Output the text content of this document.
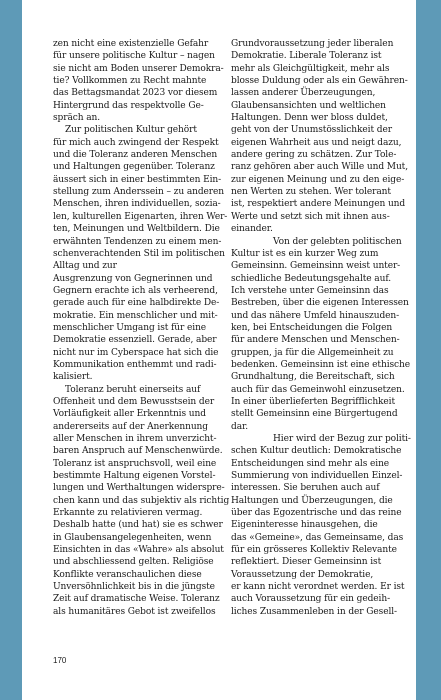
zen nicht eine existenzielle Gefahr
für unsere politische Kultur – nagen
sie nicht am Boden unserer Demokra-
tie? Vollkommen zu Recht mahnte
das Bettagsmandat 2023 vor diesem
Hintergrund das respektvolle Ge-
spräch an.
Zur politischen Kultur gehört
für mich auch zwingend der Respekt
und die Toleranz anderen Menschen
und Haltungen gegenüber. Toleranz
äussert sich in einer bestimmten Ein-
stellung zum Anderssein – zu anderen
Menschen, ihren individuellen, sozia-
len, kulturellen Eigenarten, ihren Wer-
ten, Meinungen und Weltbildern. Die
erwähnten Tendenzen zu einem men-
schenverachtenden Stil im politischen
Alltag und zur
Ausgrenzung von Gegnerinnen und
Gegnern erachte ich als verheerend,
gerade auch für eine halbdirekte De-
mokratie. Ein menschlicher und mit-
menschlicher Umgang ist für eine
Demokratie essenziell. Gerade, aber
nicht nur im Cyberspace hat sich die
Kommunikation enthemmt und radi-
kalisiert.
Toleranz beruht einerseits auf
Offenheit und dem Bewusstsein der
Vorläufigkeit aller Erkenntnis und
andererseits auf der Anerkennung
aller Menschen in ihrem unverzicht-
baren Anspruch auf Menschenwürde.
Toleranz ist anspruchsvoll, weil eine
bestimmte Haltung eigenen Vorstel-
lungen und Werthaltungen widerspre-
chen kann und das subjektiv als richtig
Erkannte zu relativieren vermag.
Deshalb hatte (und hat) sie es schwer
in Glaubensangelegenheiten, wenn
Einsichten in das «Wahre» als absolut
und abschliessend gelten. Religiöse
Konflikte veranschaulichen diese
Unversöhnlichkeit bis in die jüngste
Zeit auf dramatische Weise. Toleranz
als humanitäres Gebot ist zweifellos
Grundvoraussetzung jeder liberalen
Demokratie. Liberale Toleranz ist
mehr als Gleichgültigkeit, mehr als
blosse Duldung oder als ein Gewähren-
lassen anderer Überzeugungen,
Glaubensansichten und weltlichen
Haltungen. Denn wer bloss duldet,
geht von der Unumstösslichkeit der
eigenen Wahrheit aus und neigt dazu,
andere gering zu schätzen. Zur Tole-
ranz gehören aber auch Wille und Mut,
zur eigenen Meinung und zu den eige-
nen Werten zu stehen. Wer tolerant
ist, respektiert andere Meinungen und
Werte und setzt sich mit ihnen aus-
einander.
Von der gelebten politischen
Kultur ist es ein kurzer Weg zum
Gemeinsinn. Gemeinsinn weist unter-
schiedliche Bedeutungsgehalte auf.
Ich verstehe unter Gemeinsinn das
Bestreben, über die eigenen Interessen
und das nähere Umfeld hinauszuden-
ken, bei Entscheidungen die Folgen
für andere Menschen und Menschen-
gruppen, ja für die Allgemeinheit zu
bedenken. Gemeinsinn ist eine ethische
Grundhaltung, die Bereitschaft, sich
auch für das Gemeinwohl einzusetzen.
In einer überlieferten Begrifflichkeit
stellt Gemeinsinn eine Bürgertugend
dar.
Hier wird der Bezug zur politi-
schen Kultur deutlich: Demokratische
Entscheidungen sind mehr als eine
Summierung von individuellen Einzel-
interessen. Sie beruhen auch auf
Haltungen und Überzeugungen, die
über das Egozentrische und das reine
Eigeninteresse hinausgehen, die
das «Gemeine», das Gemeinsame, das
für ein grösseres Kollektiv Relevante
reflektiert. Dieser Gemeinsinn ist
Voraussetzung der Demokratie,
er kann nicht verordnet werden. Er ist
auch Voraussetzung für ein gedeih-
liches Zusammenleben in der Gesell-
170
